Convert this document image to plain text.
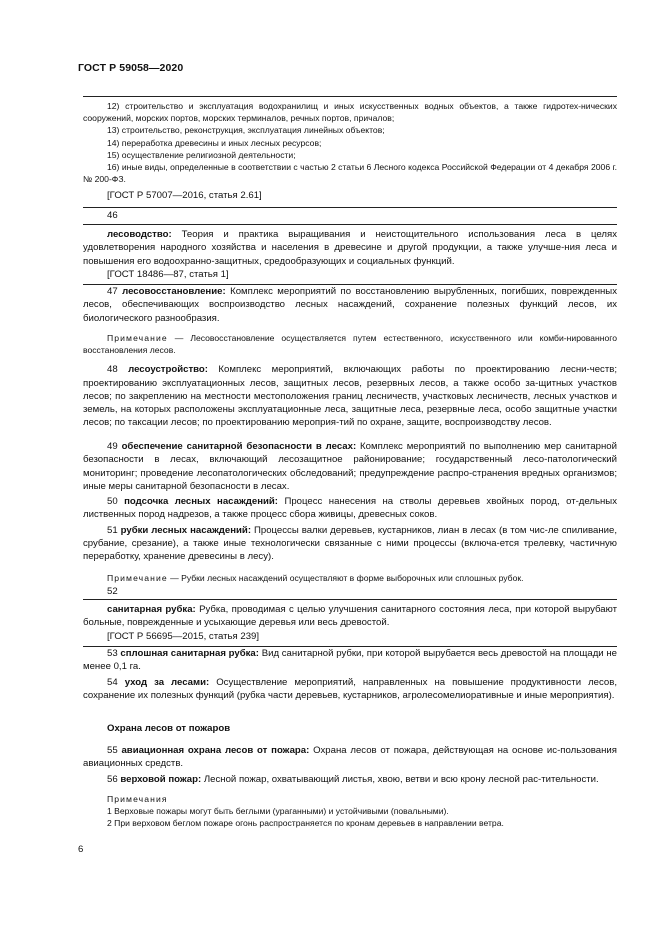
ГОСТ Р 59058—2020

12) строительство и эксплуатация водохранилищ и иных искусственных водных объектов, а также гидротех-нических сооружений, морских портов, морских терминалов, речных портов, причалов;

13) строительство, реконструкция, эксплуатация линейных объектов;

14) переработка древесины и иных лесных ресурсов;

15) осуществление религиозной деятельности;

16) иные виды, определенные в соответствии с частью 2 статьи 6 Лесного кодекса Российской Федерации от 4 декабря 2006 г. № 200-ФЗ.

[ГОСТ Р 57007—2016, статья 2.61]

46

лесоводство: Теория и практика выращивания и неистощительного использования леса в целях удовлетворения народного хозяйства и населения в древесине и другой продукции, а также улучше-ния леса и повышения его водоохранно-защитных, средообразующих и социальных функций.

[ГОСТ 18486—87, статья 1]

47 лесовосстановление: Комплекс мероприятий по восстановлению вырубленных, погибших, поврежденных лесов, обеспечивающих воспроизводство лесных насаждений, сохранение полезных функций лесов, их биологического разнообразия.

Примечание — Лесовосстановление осуществляется путем естественного, искусственного или комби-нированного восстановления лесов.

48 лесоустройство: Комплекс мероприятий, включающих работы по проектированию лесни-честв; проектированию эксплуатационных лесов, защитных лесов, резервных лесов, а также особо за-щитных участков лесов; по закреплению на местности местоположения границ лесничеств, участковых лесничеств, лесных участков и земель, на которых расположены эксплуатационные леса, защитные леса, резервные леса, особо защитные участки лесов; по таксации лесов; по проектированию мероприя-тий по охране, защите, воспроизводству лесов.

49 обеспечение санитарной безопасности в лесах: Комплекс мероприятий по выполнению мер санитарной безопасности в лесах, включающий лесозащитное районирование; государственный лесо-патологический мониторинг; проведение лесопатологических обследований; предупреждение распро-странения вредных организмов; иные меры санитарной безопасности в лесах.

50 подсочка лесных насаждений: Процесс нанесения на стволы деревьев хвойных пород, от-дельных лиственных пород надрезов, а также процесс сбора живицы, древесных соков.

51 рубки лесных насаждений: Процессы валки деревьев, кустарников, лиан в лесах (в том чис-ле спиливание, срубание, срезание), а также иные технологически связанные с ними процессы (включа-ется трелевку, частичную переработку, хранение древесины в лесу).

Примечание — Рубки лесных насаждений осуществляют в форме выборочных или сплошных рубок.

52

санитарная рубка: Рубка, проводимая с целью улучшения санитарного состояния леса, при которой вырубают больные, поврежденные и усыхающие деревья или весь древостой.

[ГОСТ Р 56695—2015, статья 239]

53 сплошная санитарная рубка: Вид санитарной рубки, при которой вырубается весь древостой на площади не менее 0,1 га.

54 уход за лесами: Осуществление мероприятий, направленных на повышение продуктивности лесов, сохранение их полезных функций (рубка части деревьев, кустарников, агролесомелиоративные и иные мероприятия).

Охрана лесов от пожаров

55 авиационная охрана лесов от пожара: Охрана лесов от пожара, действующая на основе ис-пользования авиационных средств.

56 верховой пожар: Лесной пожар, охватывающий листья, хвою, ветви и всю крону лесной рас-тительности.

Примечания

1 Верховые пожары могут быть беглыми (ураганными) и устойчивыми (повальными).

2 При верховом беглом пожаре огонь распространяется по кронам деревьев в направлении ветра.

6
